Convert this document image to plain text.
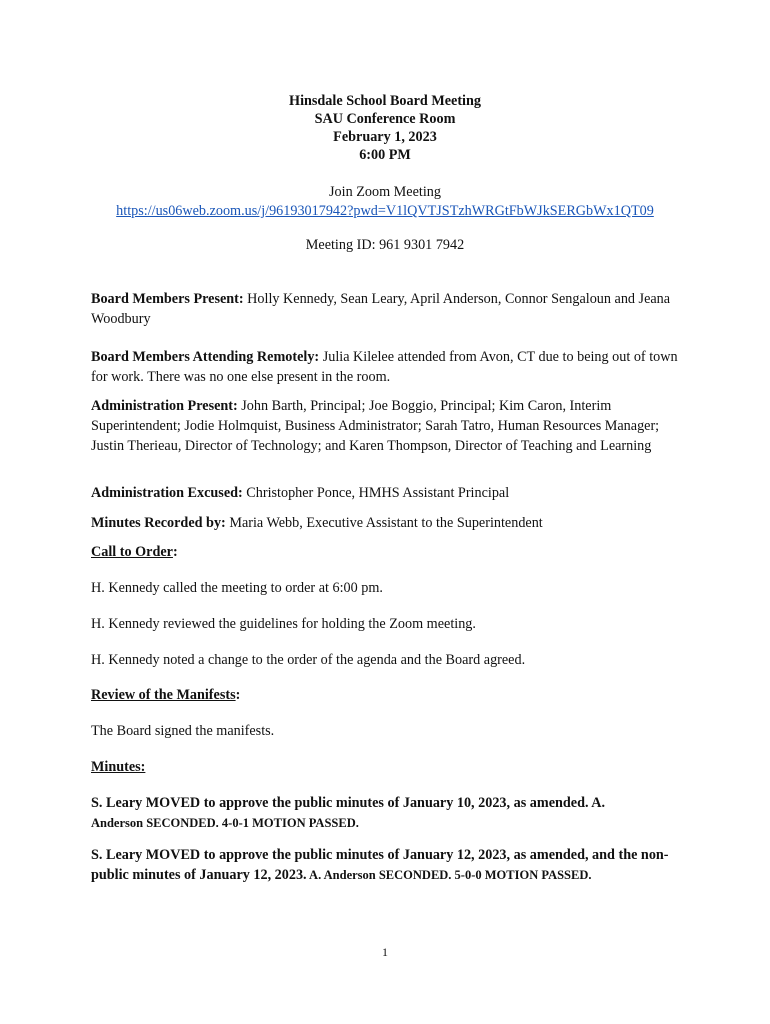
Hinsdale School Board Meeting
SAU Conference Room
February 1, 2023
6:00 PM
Join Zoom Meeting
https://us06web.zoom.us/j/96193017942?pwd=V1lQVTJSTzhWRGtFbWJkSERGbWx1QT09
Meeting ID: 961 9301 7942
Board Members Present: Holly Kennedy, Sean Leary, April Anderson, Connor Sengaloun and Jeana Woodbury
Board Members Attending Remotely: Julia Kilelee attended from Avon, CT due to being out of town for work. There was no one else present in the room.
Administration Present: John Barth, Principal; Joe Boggio, Principal; Kim Caron, Interim Superintendent; Jodie Holmquist, Business Administrator; Sarah Tatro, Human Resources Manager; Justin Therieau, Director of Technology; and Karen Thompson, Director of Teaching and Learning
Administration Excused: Christopher Ponce, HMHS Assistant Principal
Minutes Recorded by: Maria Webb, Executive Assistant to the Superintendent
Call to Order:
H. Kennedy called the meeting to order at 6:00 pm.
H. Kennedy reviewed the guidelines for holding the Zoom meeting.
H. Kennedy noted a change to the order of the agenda and the Board agreed.
Review of the Manifests:
The Board signed the manifests.
Minutes:
S. Leary MOVED to approve the public minutes of January 10, 2023, as amended. A.
Anderson SECONDED. 4-0-1 MOTION PASSED.
S. Leary MOVED to approve the public minutes of January 12, 2023, as amended, and the non-public minutes of January 12, 2023. A. Anderson SECONDED. 5-0-0 MOTION PASSED.
1
